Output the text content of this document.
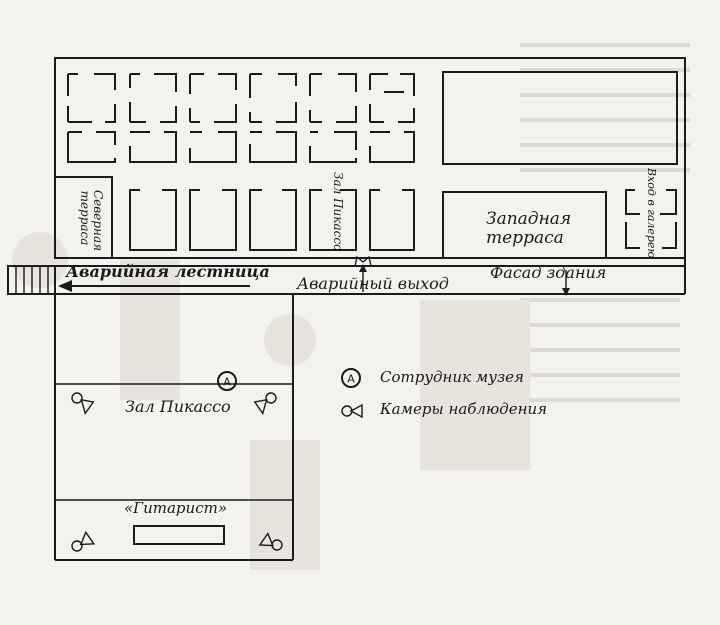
A	A
Северная терраса	Зал Пикассо	Вход в галерею
Западная терраса
Аварийная лестница
Аварийный выход
Фасад здания
Зал Пикассо
«Гитарист»
Сотрудник музея
Камеры наблюдения
